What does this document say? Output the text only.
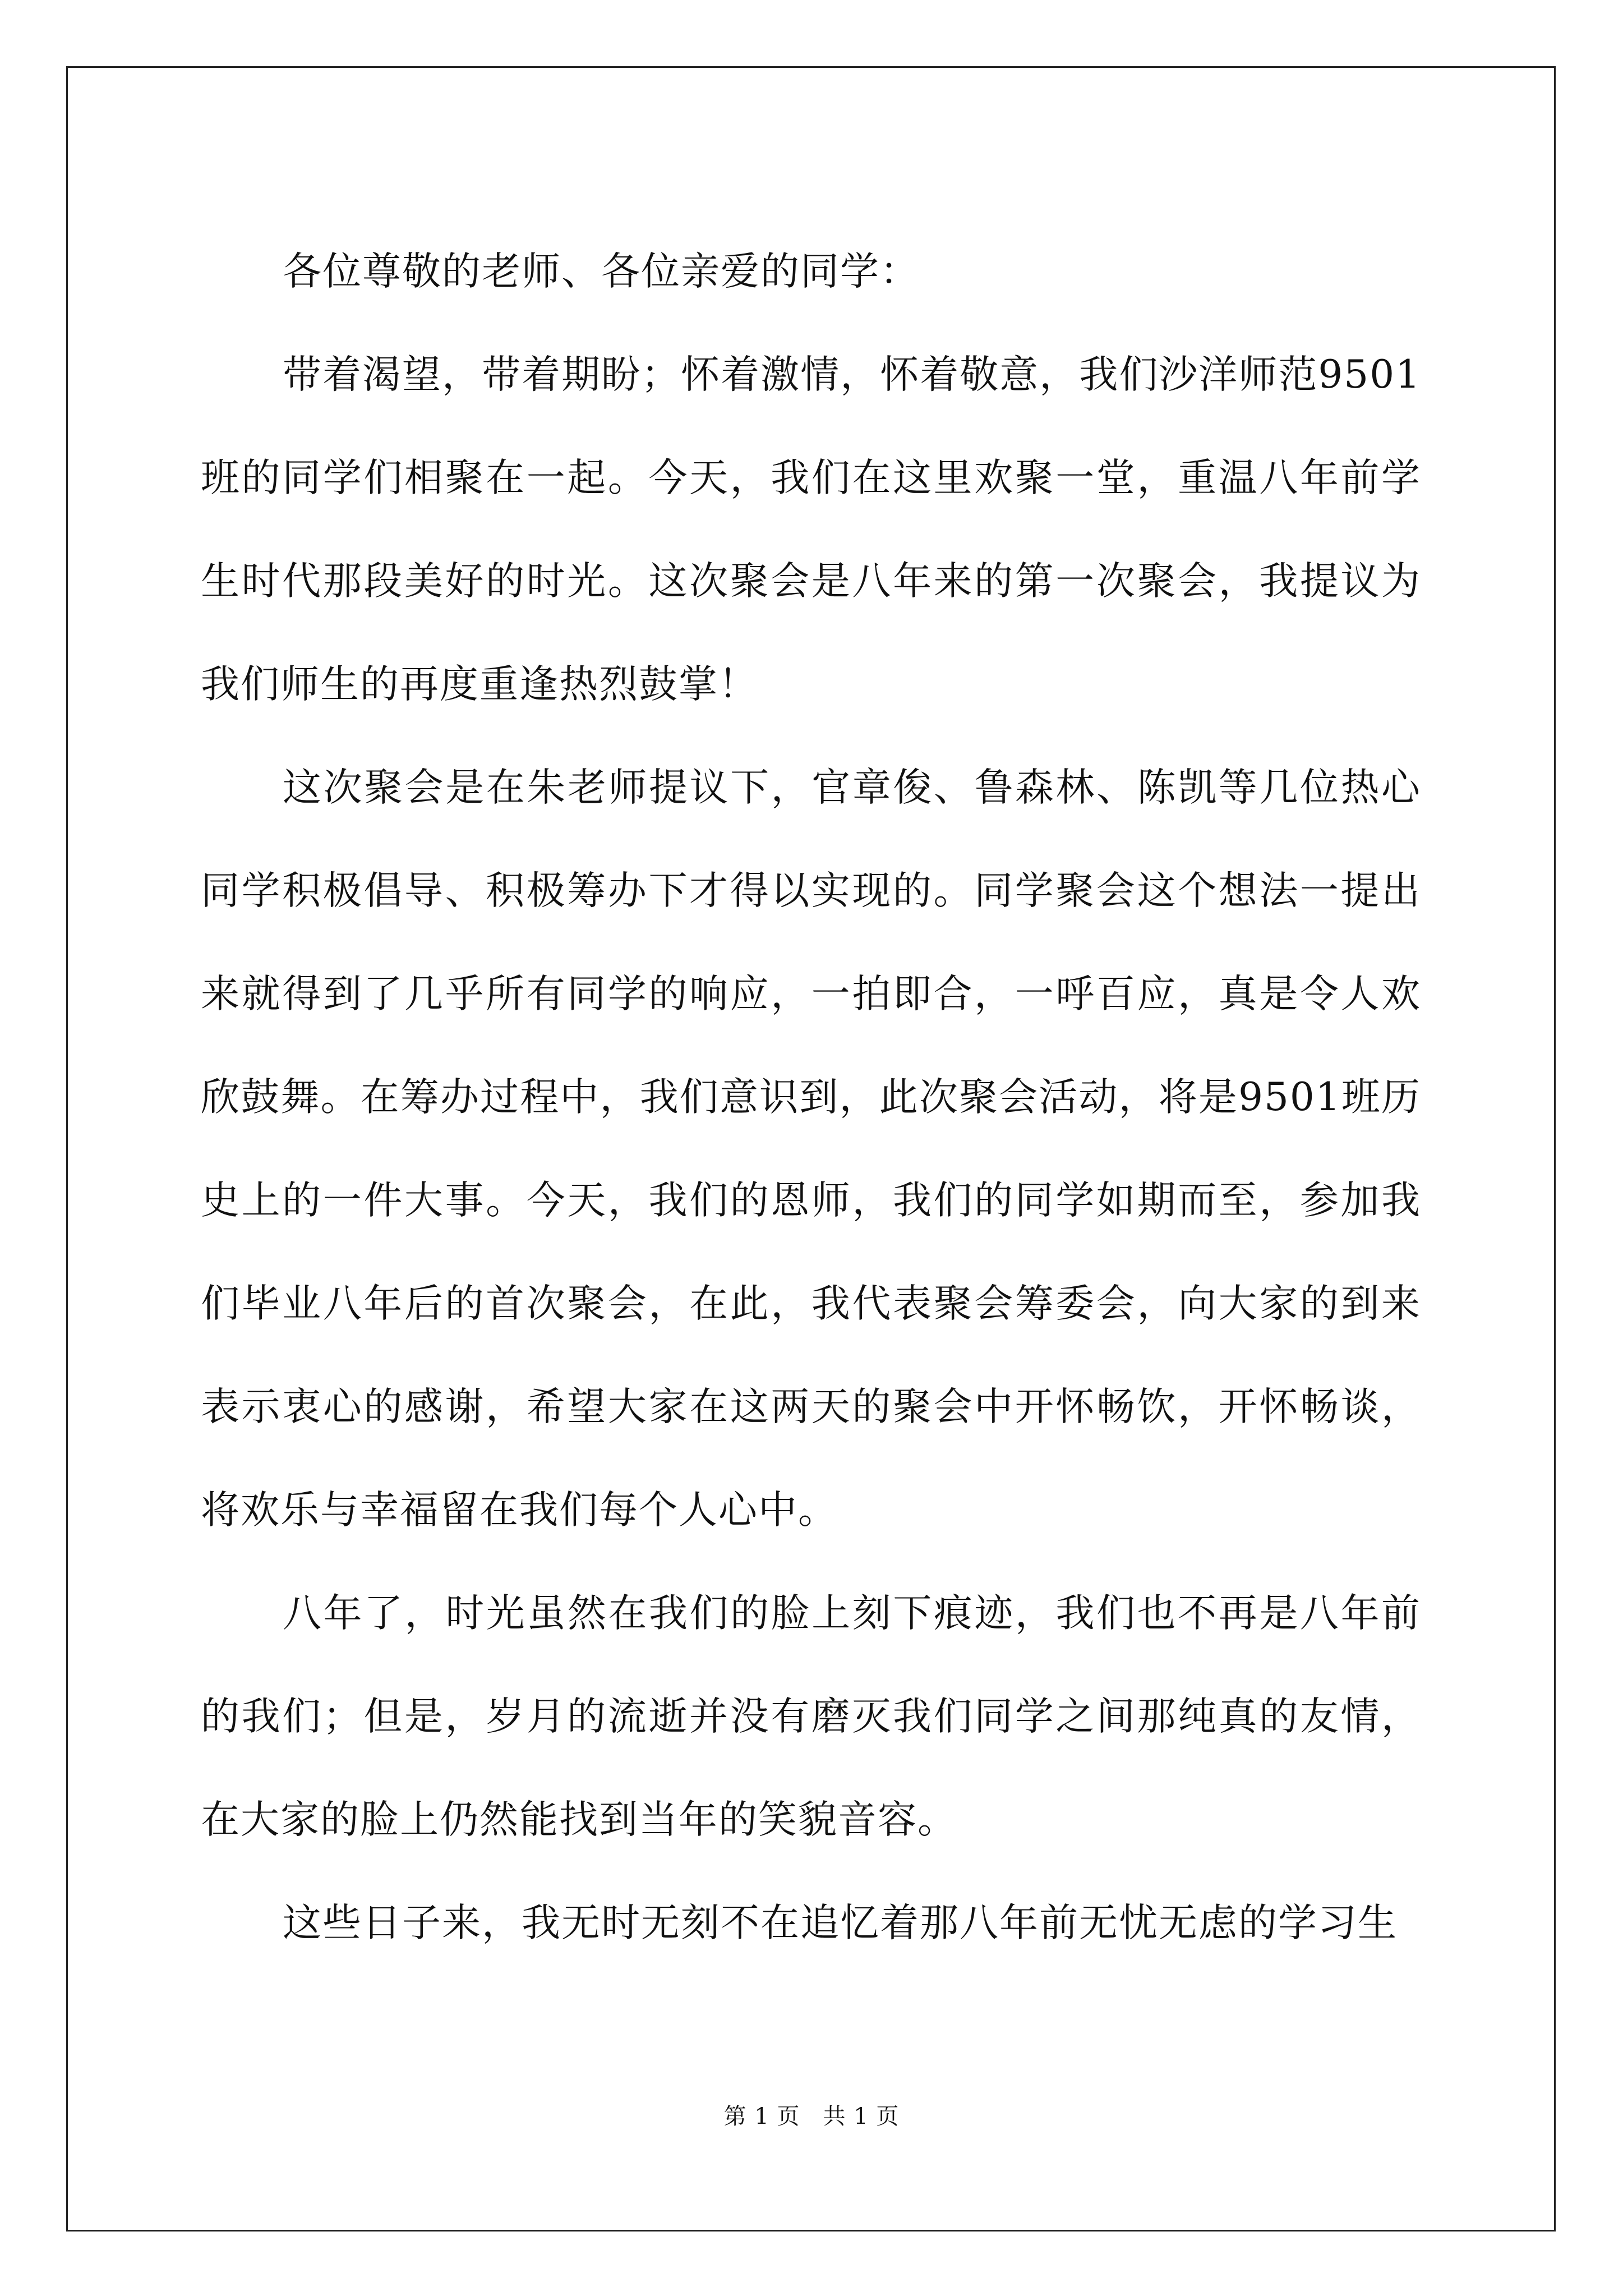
各位尊敬的老师、各位亲爱的同学：

带着渴望，带着期盼；怀着激情，怀着敬意，我们沙洋师范9501班的同学们相聚在一起。今天，我们在这里欢聚一堂，重温八年前学生时代那段美好的时光。这次聚会是八年来的第一次聚会，我提议为我们师生的再度重逢热烈鼓掌！

这次聚会是在朱老师提议下，官章俊、鲁森林、陈凯等几位热心同学积极倡导、积极筹办下才得以实现的。同学聚会这个想法一提出来就得到了几乎所有同学的响应，一拍即合，一呼百应，真是令人欢欣鼓舞。在筹办过程中，我们意识到，此次聚会活动，将是9501班历史上的一件大事。今天，我们的恩师，我们的同学如期而至，参加我们毕业八年后的首次聚会，在此，我代表聚会筹委会，向大家的到来表示衷心的感谢，希望大家在这两天的聚会中开怀畅饮，开怀畅谈，将欢乐与幸福留在我们每个人心中。

八年了，时光虽然在我们的脸上刻下痕迹，我们也不再是八年前的我们；但是，岁月的流逝并没有磨灭我们同学之间那纯真的友情，在大家的脸上仍然能找到当年的笑貌音容。

这些日子来，我无时无刻不在追忆着那八年前无忧无虑的学习生

第 1 页　共 1 页
